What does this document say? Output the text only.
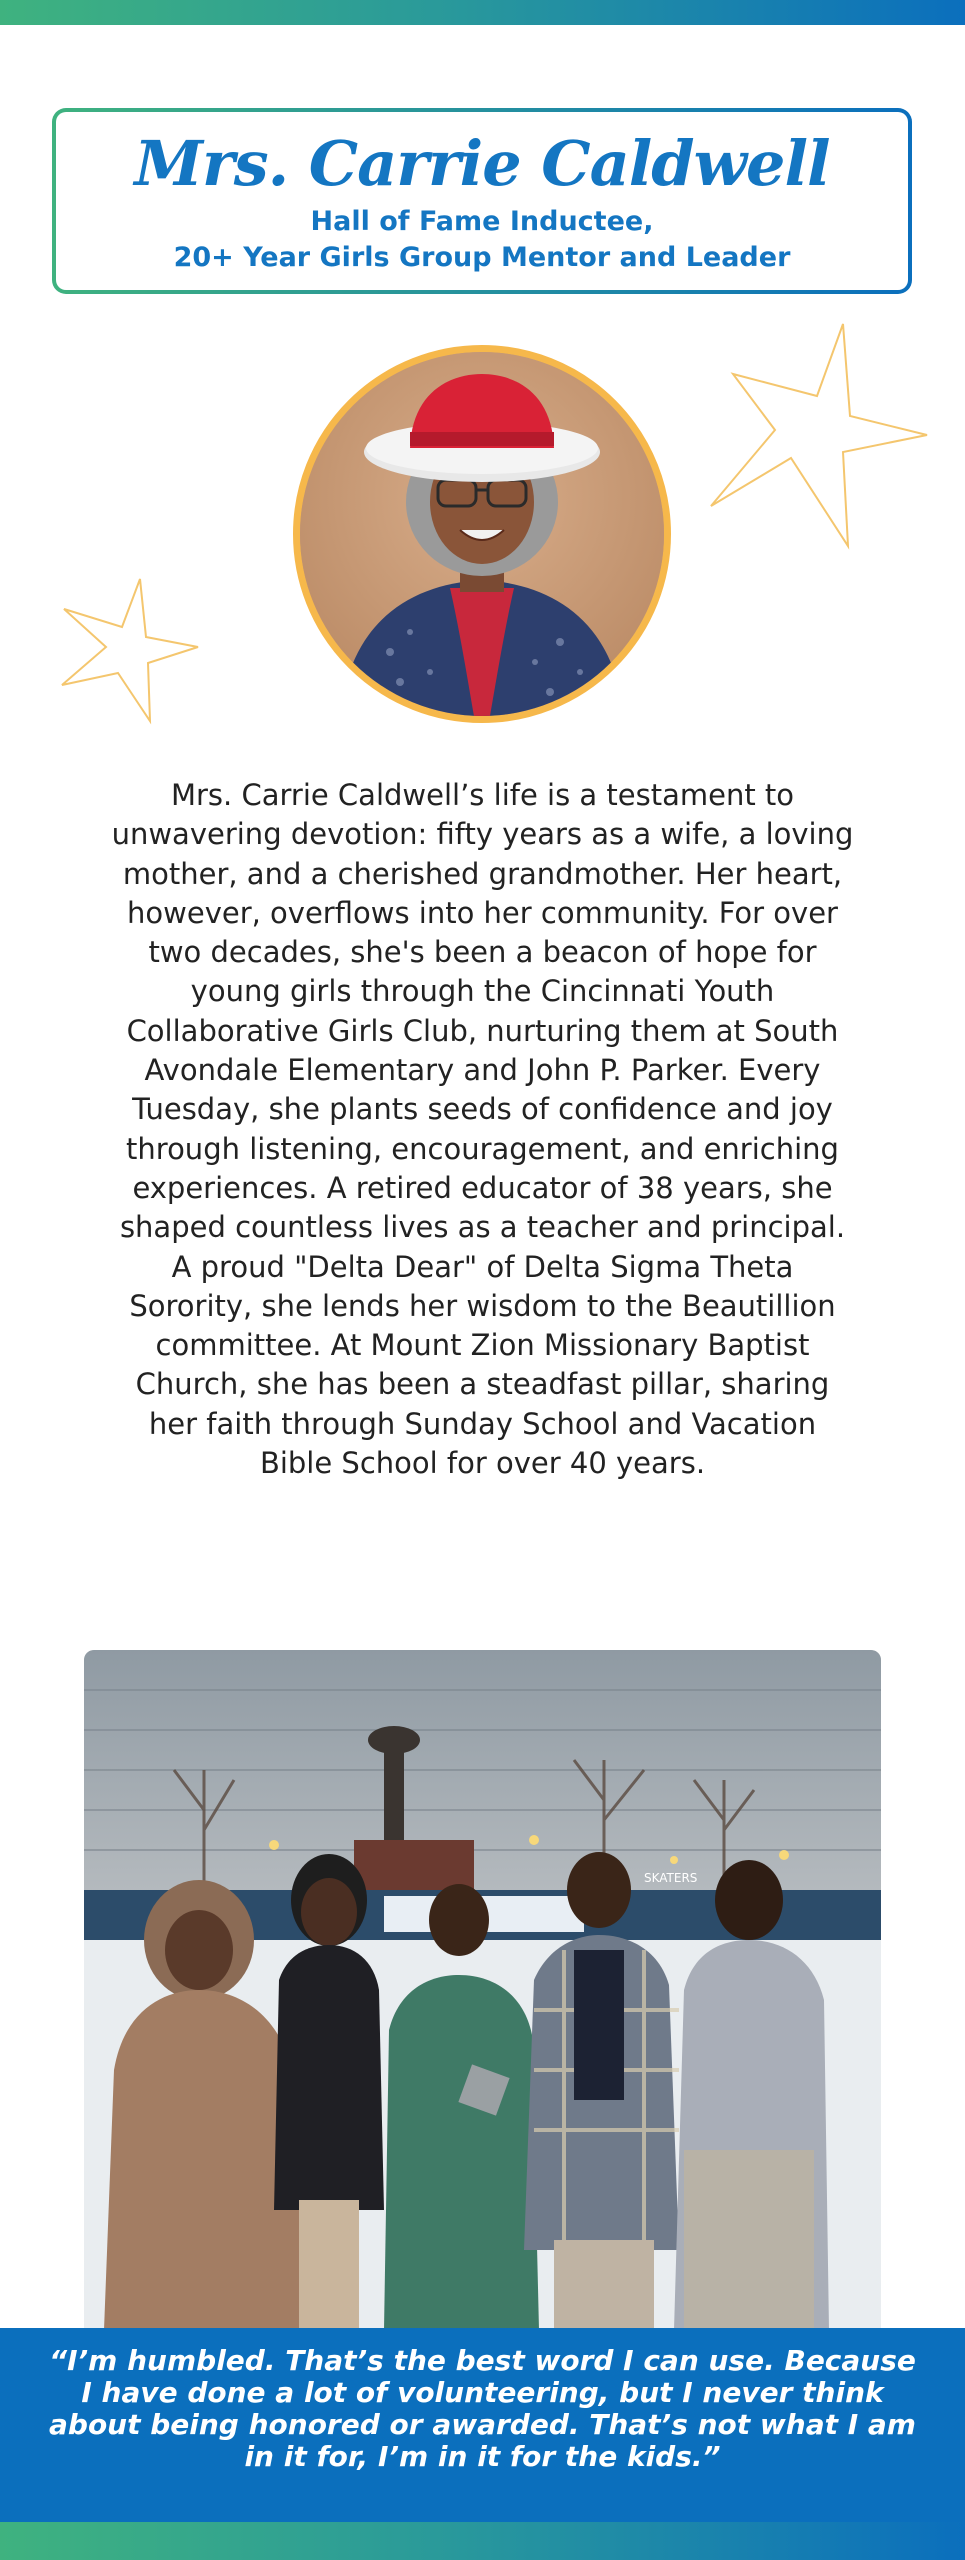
Mrs. Carrie Caldwell

Hall of Fame Inductee,

20+ Year Girls Group Mentor and Leader

Mrs. Carrie Caldwell’s life is a testament to unwavering devotion: fifty years as a wife, a loving mother, and a cherished grandmother. Her heart, however, overflows into her community. For over two decades, she's been a beacon of hope for young girls through the Cincinnati Youth Collaborative Girls Club, nurturing them at South Avondale Elementary and John P. Parker. Every Tuesday, she plants seeds of confidence and joy through listening, encouragement, and enriching experiences. A retired educator of 38 years, she shaped countless lives as a teacher and principal. A proud "Delta Dear" of Delta Sigma Theta Sorority, she lends her wisdom to the Beautillion committee. At Mount Zion Missionary Baptist Church, she has been a steadfast pillar, sharing her faith through Sunday School and Vacation Bible School for over 40 years.

SKATERS

“I’m humbled. That’s the best word I can use. Because I have done a lot of volunteering, but I never think about being honored or awarded. That’s not what I am in it for, I’m in it for the kids.”
